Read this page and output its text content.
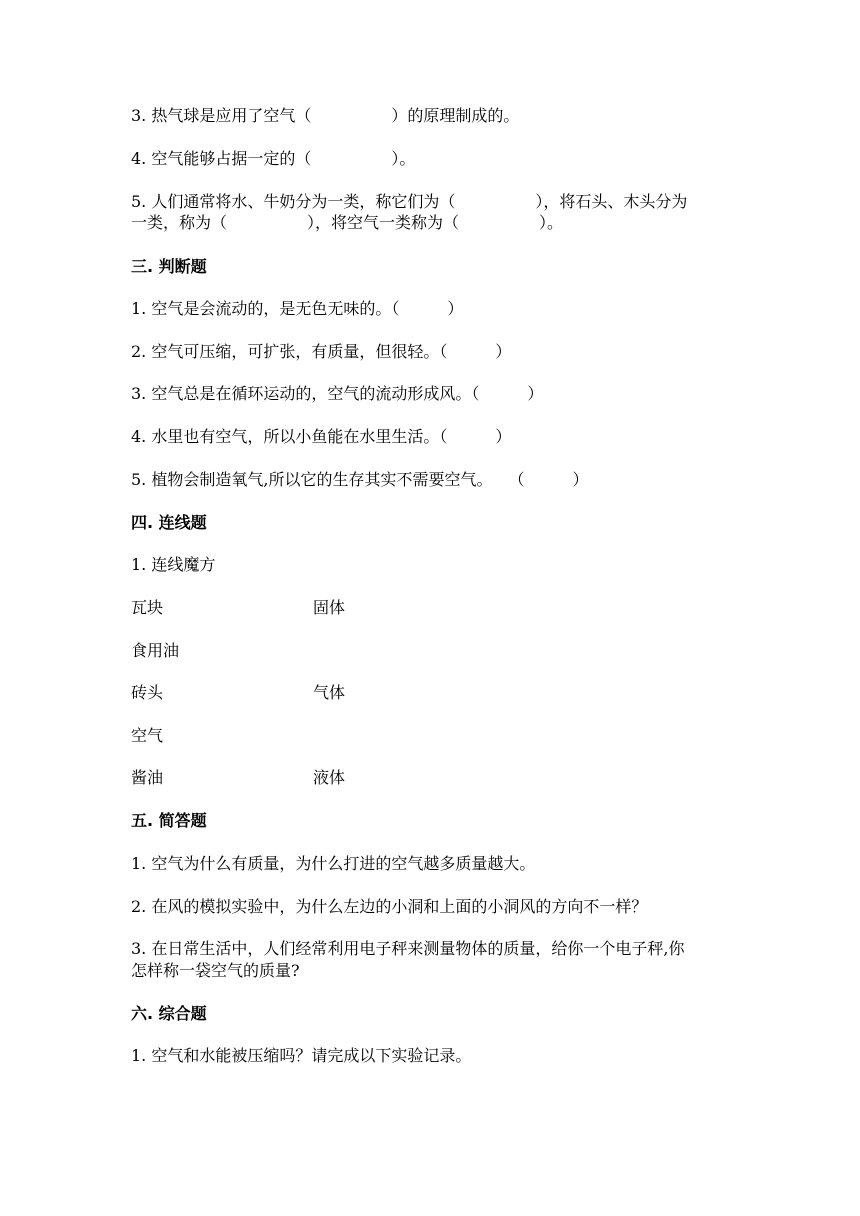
3. 热气球是应用了空气（　　　　　）的原理制成的。
4. 空气能够占据一定的（　　　　　）。
5. 人们通常将水、牛奶分为一类，称它们为（　　　　　），将石头、木头分为
一类，称为（　　　　　），将空气一类称为（　　　　　）。
三. 判断题
1. 空气是会流动的，是无色无味的。（　　　）
2. 空气可压缩，可扩张，有质量，但很轻。（　　　）
3. 空气总是在循环运动的，空气的流动形成风。（　　　）
4. 水里也有空气，所以小鱼能在水里生活。（　　　）
5. 植物会制造氧气,所以它的生存其实不需要空气。　　（　　　）
四. 连线题
1. 连线魔方
瓦块	固体
食用油
砖头	气体
空气
酱油	液体
五. 简答题
1. 空气为什么有质量，为什么打进的空气越多质量越大。
2. 在风的模拟实验中，为什么左边的小洞和上面的小洞风的方向不一样？
3. 在日常生活中，人们经常利用电子秤来测量物体的质量，给你一个电子秤,你
怎样称一袋空气的质量?
六. 综合题
1. 空气和水能被压缩吗？请完成以下实验记录。
